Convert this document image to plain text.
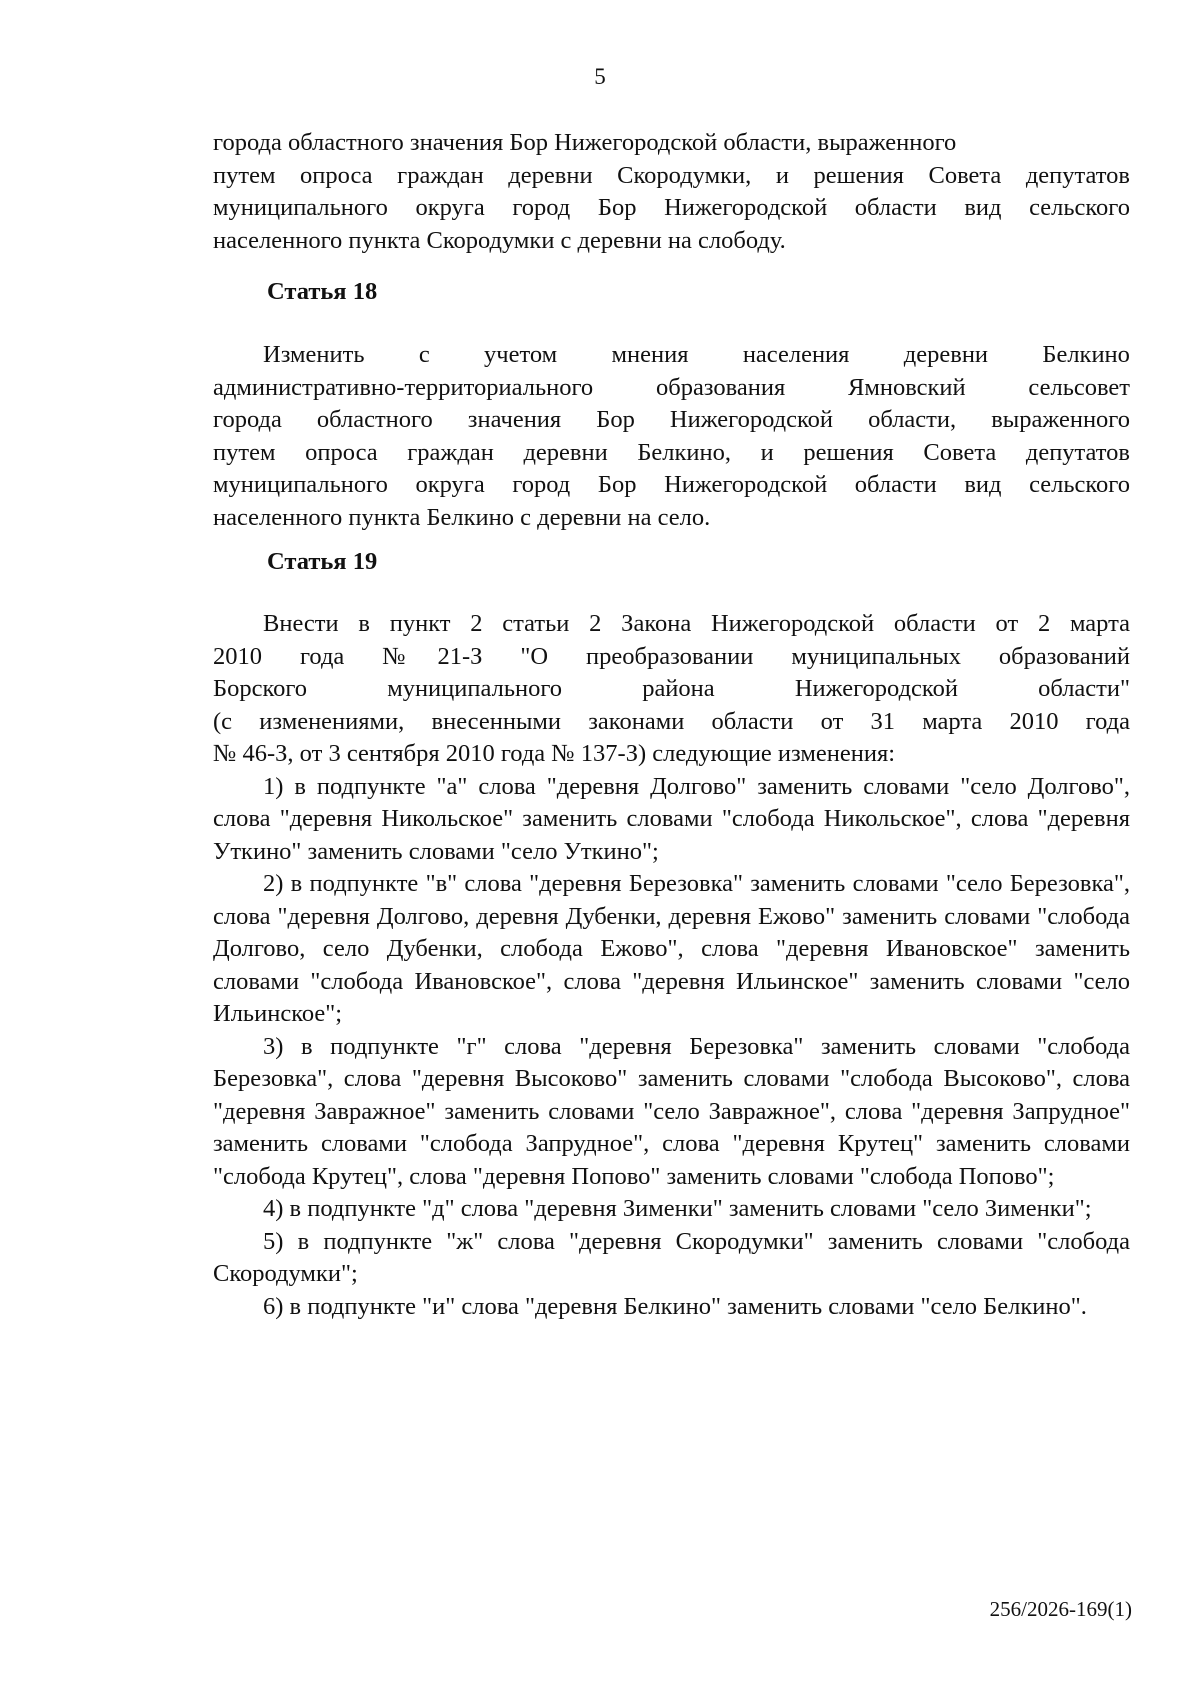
5
города областного значения Бор Нижегородской области, выраженного
путем опроса граждан деревни Скородумки, и решения Совета депутатов
муниципального округа город Бор Нижегородской области вид сельского
населенного пункта Скородумки с деревни на слободу.
Статья 18
Изменить с учетом мнения населения деревни Белкино
административно-территориального образования Ямновский сельсовет
города областного значения Бор Нижегородской области, выраженного
путем опроса граждан деревни Белкино, и решения Совета депутатов
муниципального округа город Бор Нижегородской области вид сельского
населенного пункта Белкино с деревни на село.
Статья 19
Внести в пункт 2 статьи 2 Закона Нижегородской области от 2 марта
2010 года №21-З "О преобразовании муниципальных образований
Борского	муниципального	района	Нижегородской	области"
(с изменениями, внесенными законами области от 31 марта 2010 года
№ 46-З, от 3 сентября 2010 года № 137-З) следующие изменения:

1) в подпункте "а" слова "деревня Долгово" заменить словами "село Долгово", слова "деревня Никольское" заменить словами "слобода Никольское", слова "деревня Уткино" заменить словами "село Уткино";

2) в подпункте "в" слова "деревня Березовка" заменить словами "село Березовка", слова "деревня Долгово, деревня Дубенки, деревня Ежово" заменить словами "слобода Долгово, село Дубенки, слобода Ежово", слова "деревня Ивановское" заменить словами "слобода Ивановское", слова "деревня Ильинское" заменить словами "село Ильинское";

3) в подпункте "г" слова "деревня Березовка" заменить словами "слобода Березовка", слова "деревня Высоково" заменить словами "слобода Высоково", слова "деревня Завражное" заменить словами "село Завражное", слова "деревня Запрудное" заменить словами "слобода Запрудное", слова "деревня Крутец" заменить словами "слобода Крутец", слова "деревня Попово" заменить словами "слобода Попово";

4) в подпункте "д" слова "деревня Зименки" заменить словами "село Зименки";

5) в подпункте "ж" слова "деревня Скородумки" заменить словами "слобода Скородумки";

6) в подпункте "и" слова "деревня Белкино" заменить словами "село Белкино".

256/2026-169(1)
